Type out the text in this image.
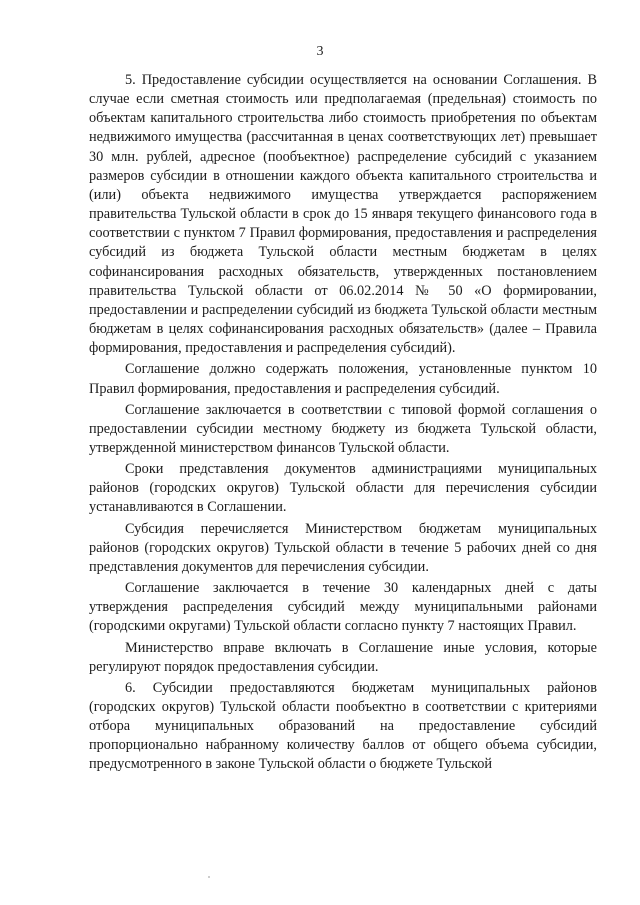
3

5. Предоставление субсидии осуществляется на основании Соглашения. В случае если сметная стоимость или предполагаемая (предельная) стоимость по объектам капитального строительства либо стоимость приобретения по объектам недвижимого имущества (рассчитанная в ценах соответствующих лет) превышает 30 млн. рублей, адресное (пообъектное) распределение субсидий с указанием размеров субсидии в отношении каждого объекта капитального строительства и (или) объекта недвижимого имущества утверждается распоряжением правительства Тульской области в срок до 15 января текущего финансового года в соответствии с пунктом 7 Правил формирования, предоставления и распределения субсидий из бюджета Тульской области местным бюджетам в целях софинансирования расходных обязательств, утвержденных постановлением правительства Тульской области от 06.02.2014 № 50 «О формировании, предоставлении и распределении субсидий из бюджета Тульской области местным бюджетам в целях софинансирования расходных обязательств» (далее – Правила формирования, предоставления и распределения субсидий).

Соглашение должно содержать положения, установленные пунктом 10 Правил формирования, предоставления и распределения субсидий.

Соглашение заключается в соответствии с типовой формой соглашения о предоставлении субсидии местному бюджету из бюджета Тульской области, утвержденной министерством финансов Тульской области.

Сроки представления документов администрациями муниципальных районов (городских округов) Тульской области для перечисления субсидии устанавливаются в Соглашении.

Субсидия перечисляется Министерством бюджетам муниципальных районов (городских округов) Тульской области в течение 5 рабочих дней со дня представления документов для перечисления субсидии.

Соглашение заключается в течение 30 календарных дней с даты утверждения распределения субсидий между муниципальными районами (городскими округами) Тульской области согласно пункту 7 настоящих Правил.

Министерство вправе включать в Соглашение иные условия, которые регулируют порядок предоставления субсидии.

6. Субсидии предоставляются бюджетам муниципальных районов (городских округов) Тульской области пообъектно в соответствии с критериями отбора муниципальных образований на предоставление субсидий пропорционально набранному количеству баллов от общего объема субсидии, предусмотренного в законе Тульской области о бюджете Тульской
